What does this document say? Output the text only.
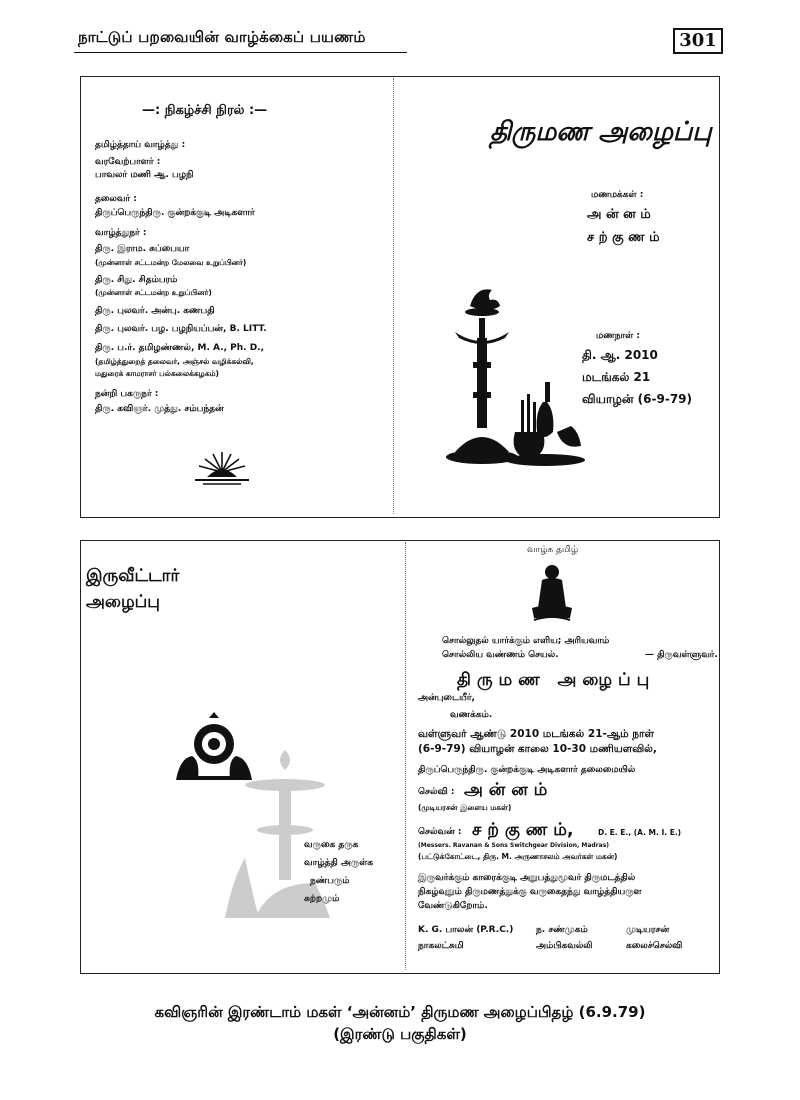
நாட்டுப் பறவையின் வாழ்க்கைப் பயணம்	301
—: நிகழ்ச்சி நிரல் :—
தமிழ்த்தாய் வாழ்த்து :
வரவேற்பாளர் :
பாவலர் மணி ஆ. பழநி
தலைவர் :
திருப்பெருந்திரு. குன்றக்குடி அடிகளார்
வாழ்த்துநர் :
திரு. இராம. சுப்பையா
(முன்னாள் சட்டமன்ற மேலவை உறுப்பினர்)
திரு. சிது. சிதம்பரம்
(முன்னாள் சட்டமன்ற உறுப்பினர்)
திரு. புலவர். அன்பு. கணபதி
திரு. புலவர். பழ. பழநியப்பன், B. LITT.
திரு. ப.ர். தமிழண்ணல், M. A., Ph. D.,
(தமிழ்த்துறைத் தலைவர், அஞ்சல் வழிக்கல்வி,
மதுரைக் காமராசர் பல்கலைக்கழகம்)
நன்றி பகருநர் :
திரு. கவிஞர். முத்து. சம்பந்தன்
திருமண அழைப்பு
மணமக்கள் :
அ ன் ன ம்
ச ற் கு ண ம்
மணநாள் :
தி. ஆ. 2010
மடங்கல் 21
வியாழன் (6-9-79)
இருவீட்டார்
அழைப்பு
வருகை தருக
வாழ்த்தி அருள்க
நண்பரும்
சுற்றமும்
வாழ்க தமிழ்
சொல்லுதல் யார்க்கும் எளிய; அரியவாம்
சொல்லிய வண்ணம் செயல்.	— திருவள்ளுவர்.
தி ரு ம ண   அ ழை ப் பு
அன்புடையீர்,
வணக்கம்.
வள்ளுவர் ஆண்டு 2010 மடங்கல் 21-ஆம் நாள்
(6-9-79) வியாழன் காலை 10-30 மணியளவில்,
திருப்பெருந்திரு. குன்றக்குடி அடிகளார் தலைமையில்
செல்வி : அ ன் ன ம்
(முடியரசன் இளைய மகள்)
செல்வன் : ச ற் கு ண ம்,	D. E. E., (A. M. I. E.)
(Messers. Ravanan & Sons Switchgear Division, Madras)
(பட்டுக்கோட்டை, திரு. M. அருணாசலம் அவர்கள் மகன்)
இருவர்க்கும் காரைக்குடி அறுபத்துமூவர் திருமடத்தில்
நிகழ்வுறும் திருமணத்துக்கு வருகைதந்து வாழ்த்தியருள
வேண்டுகிறோம்.
K. G. பாலன் (P.R.C.)	ந. சண்முகம்	முடியரசன்
நாகலட்சுமி	அம்பிகவல்லி	கலைச்செல்வி
கவிஞரின் இரண்டாம் மகள் ‘அன்னம்’ திருமண அழைப்பிதழ் (6.9.79)
(இரண்டு பகுதிகள்)
